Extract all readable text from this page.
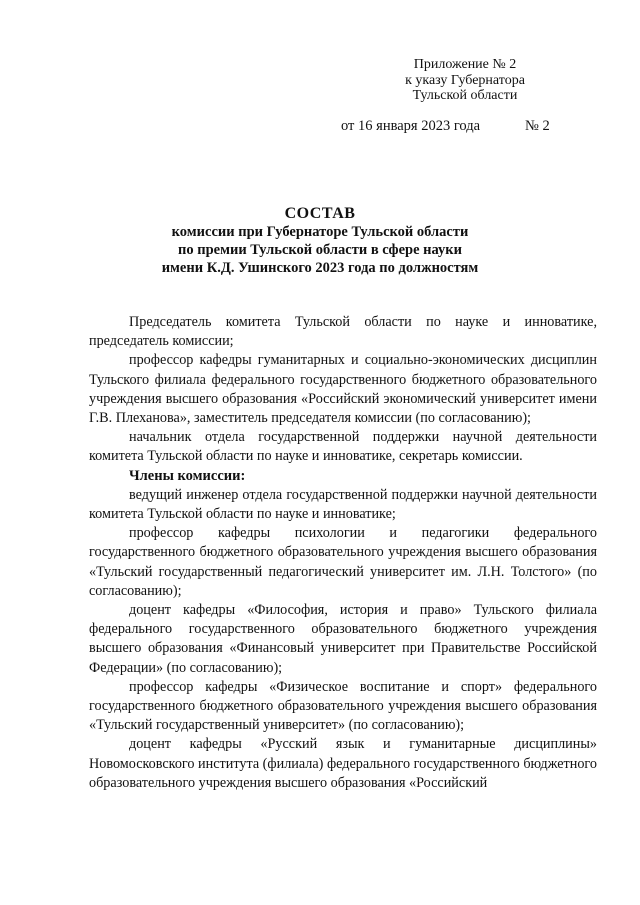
Приложение № 2
к указу Губернатора
Тульской области
от 16 января 2023 года	№ 2
СОСТАВ
комиссии при Губернаторе Тульской области
по премии Тульской области в сфере науки
имени К.Д. Ушинского 2023 года по должностям

Председатель комитета Тульской области по науке и инноватике, председатель комиссии;

профессор кафедры гуманитарных и социально-экономических дисциплин Тульского филиала федерального государственного бюджетного образовательного учреждения высшего образования «Российский экономический университет имени Г.В. Плеханова», заместитель председателя комиссии (по согласованию);

начальник отдела государственной поддержки научной деятельности комитета Тульской области по науке и инноватике, секретарь комиссии.

Члены комиссии:

ведущий инженер отдела государственной поддержки научной деятельности комитета Тульской области по науке и инноватике;

профессор кафедры психологии и педагогики федерального государственного бюджетного образовательного учреждения высшего образования «Тульский государственный педагогический университет им. Л.Н. Толстого» (по согласованию);

доцент кафедры «Философия, история и право» Тульского филиала федерального государственного образовательного бюджетного учреждения высшего образования «Финансовый университет при Правительстве Российской Федерации» (по согласованию);

профессор кафедры «Физическое воспитание и спорт» федерального государственного бюджетного образовательного учреждения высшего образования «Тульский государственный университет» (по согласованию);

доцент кафедры «Русский язык и гуманитарные дисциплины» Новомосковского института (филиала) федерального государственного бюджетного образовательного учреждения высшего образования «Российский
